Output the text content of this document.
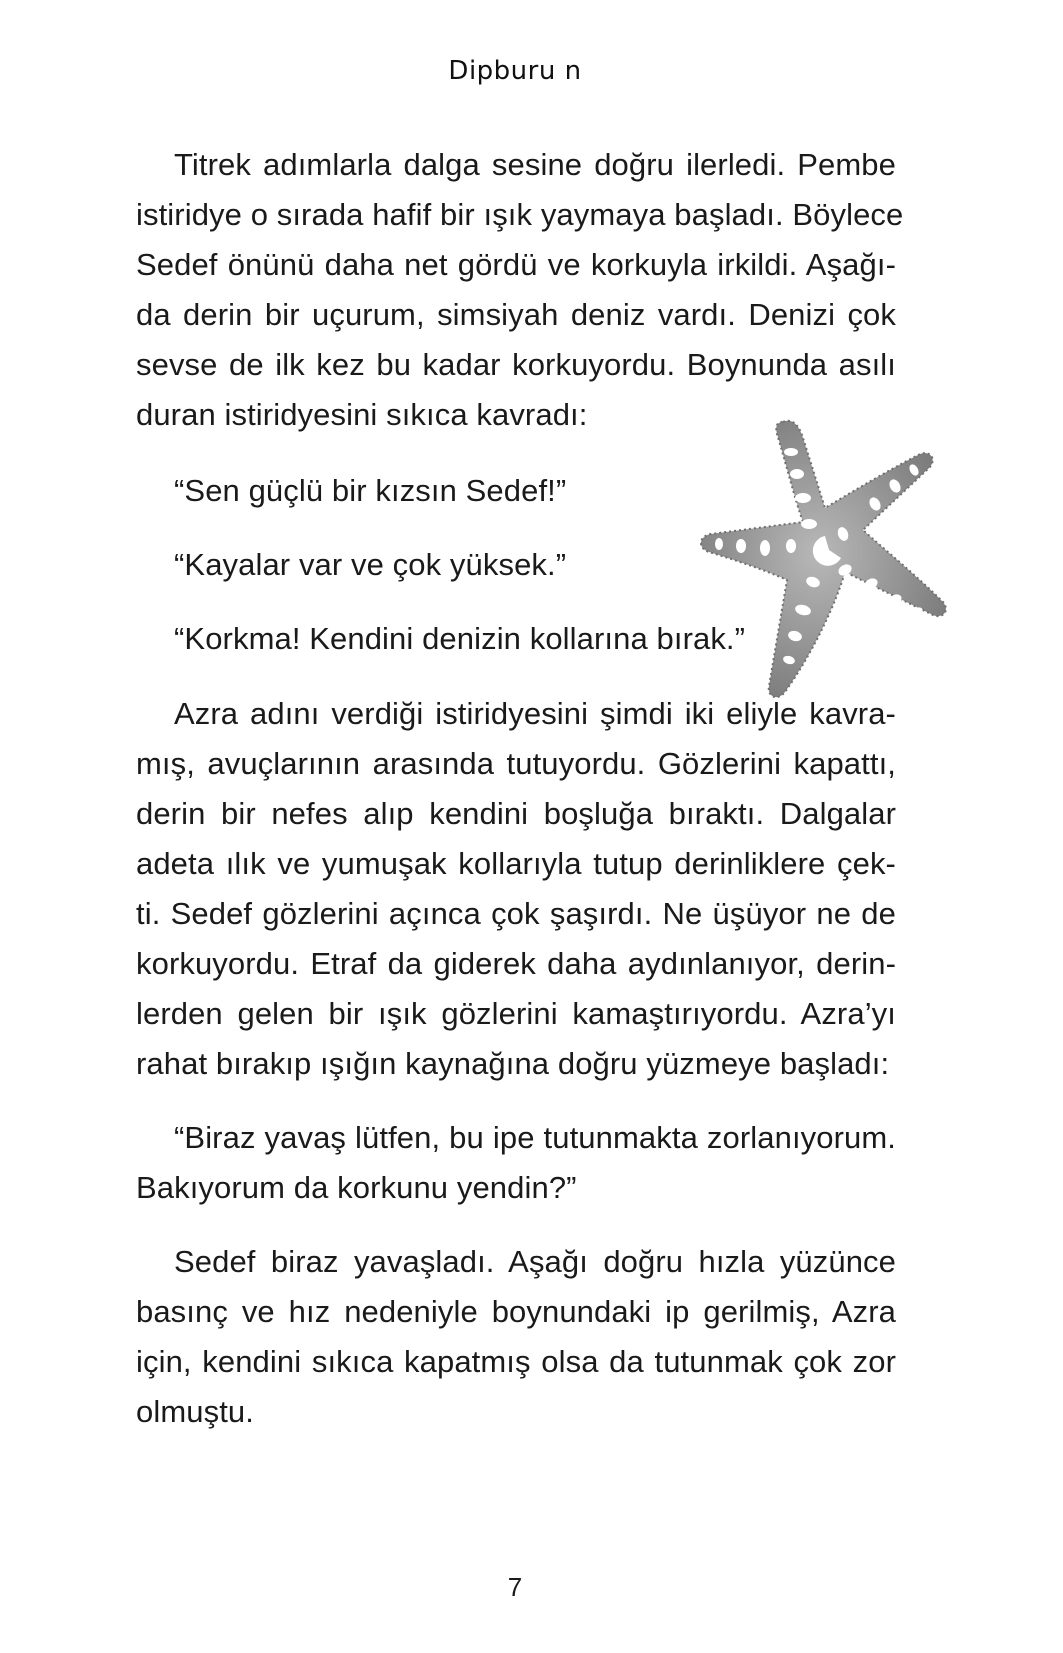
Dipburu n
Titrek adımlarla dalga sesine doğru ilerledi. Pembe
istiridye o sırada hafif bir ışık yaymaya başladı. Böylece
Sedef önünü daha net gördü ve korkuyla irkildi. Aşağı-
da derin bir uçurum, simsiyah deniz vardı. Denizi çok
sevse de ilk kez bu kadar korkuyordu. Boynunda asılı
duran istiridyesini sıkıca kavradı:
“Sen güçlü bir kızsın Sedef!”
“Kayalar var ve çok yüksek.”
“Korkma! Kendini denizin kollarına bırak.”
Azra adını verdiği istiridyesini şimdi iki eliyle kavra-
mış, avuçlarının arasında tutuyordu. Gözlerini kapattı,
derin bir nefes alıp kendini boşluğa bıraktı. Dalgalar
adeta ılık ve yumuşak kollarıyla tutup derinliklere çek-
ti. Sedef gözlerini açınca çok şaşırdı. Ne üşüyor ne de
korkuyordu. Etraf da giderek daha aydınlanıyor, derin-
lerden gelen bir ışık gözlerini kamaştırıyordu. Azra’yı
rahat bırakıp ışığın kaynağına doğru yüzmeye başladı:
“Biraz yavaş lütfen, bu ipe tutunmakta zorlanıyorum.
Bakıyorum da korkunu yendin?”
Sedef biraz yavaşladı. Aşağı doğru hızla yüzünce
basınç ve hız nedeniyle boynundaki ip gerilmiş, Azra
için, kendini sıkıca kapatmış olsa da tutunmak çok zor
olmuştu.
7
